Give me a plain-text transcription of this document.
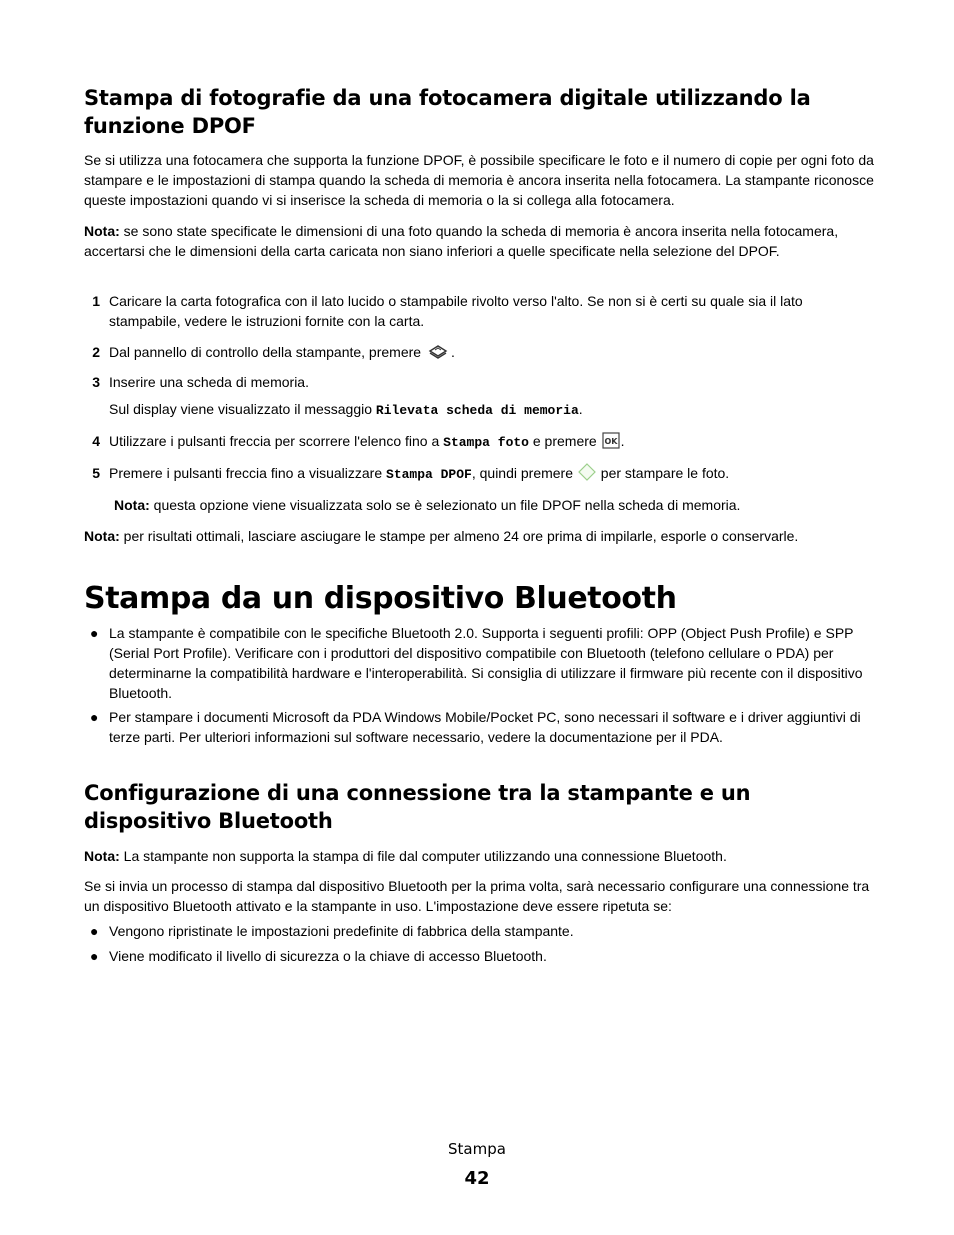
Stampa di fotografie da una fotocamera digitale utilizzando la funzione DPOF

Se si utilizza una fotocamera che supporta la funzione DPOF, è possibile specificare le foto e il numero di copie per ogni foto da stampare e le impostazioni di stampa quando la scheda di memoria è ancora inserita nella fotocamera. La stampante riconosce queste impostazioni quando vi si inserisce la scheda di memoria o la si collega alla fotocamera.

Nota: se sono state specificate le dimensioni di una foto quando la scheda di memoria è ancora inserita nella fotocamera, accertarsi che le dimensioni della carta caricata non siano inferiori a quelle specificate nella selezione del DPOF.

1 Caricare la carta fotografica con il lato lucido o stampabile rivolto verso l'alto. Se non si è certi su quale sia il lato stampabile, vedere le istruzioni fornite con la carta.
2 Dal pannello di controllo della stampante, premere .
3 Inserire una scheda di memoria.
Sul display viene visualizzato il messaggio Rilevata scheda di memoria.
4 Utilizzare i pulsanti freccia per scorrere l'elenco fino a Stampa foto e premere OK .
5 Premere i pulsanti freccia fino a visualizzare Stampa DPOF, quindi premere  per stampare le foto.

Nota: questa opzione viene visualizzata solo se è selezionato un file DPOF nella scheda di memoria.

Nota: per risultati ottimali, lasciare asciugare le stampe per almeno 24 ore prima di impilarle, esporle o conservarle.

Stampa da un dispositivo Bluetooth
● La stampante è compatibile con le specifiche Bluetooth 2.0. Supporta i seguenti profili: OPP (Object Push Profile) e SPP (Serial Port Profile). Verificare con i produttori del dispositivo compatibile con Bluetooth (telefono cellulare o PDA) per determinarne la compatibilità hardware e l'interoperabilità. Si consiglia di utilizzare il firmware più recente con il dispositivo Bluetooth.
● Per stampare i documenti Microsoft da PDA Windows Mobile/Pocket PC, sono necessari il software e i driver aggiuntivi di terze parti. Per ulteriori informazioni sul software necessario, vedere la documentazione per il PDA.
Configurazione di una connessione tra la stampante e un dispositivo Bluetooth

Nota: La stampante non supporta la stampa di file dal computer utilizzando una connessione Bluetooth.

Se si invia un processo di stampa dal dispositivo Bluetooth per la prima volta, sarà necessario configurare una connessione tra un dispositivo Bluetooth attivato e la stampante in uso. L'impostazione deve essere ripetuta se:

● Vengono ripristinate le impostazioni predefinite di fabbrica della stampante.
● Viene modificato il livello di sicurezza o la chiave di accesso Bluetooth.
Stampa
42
